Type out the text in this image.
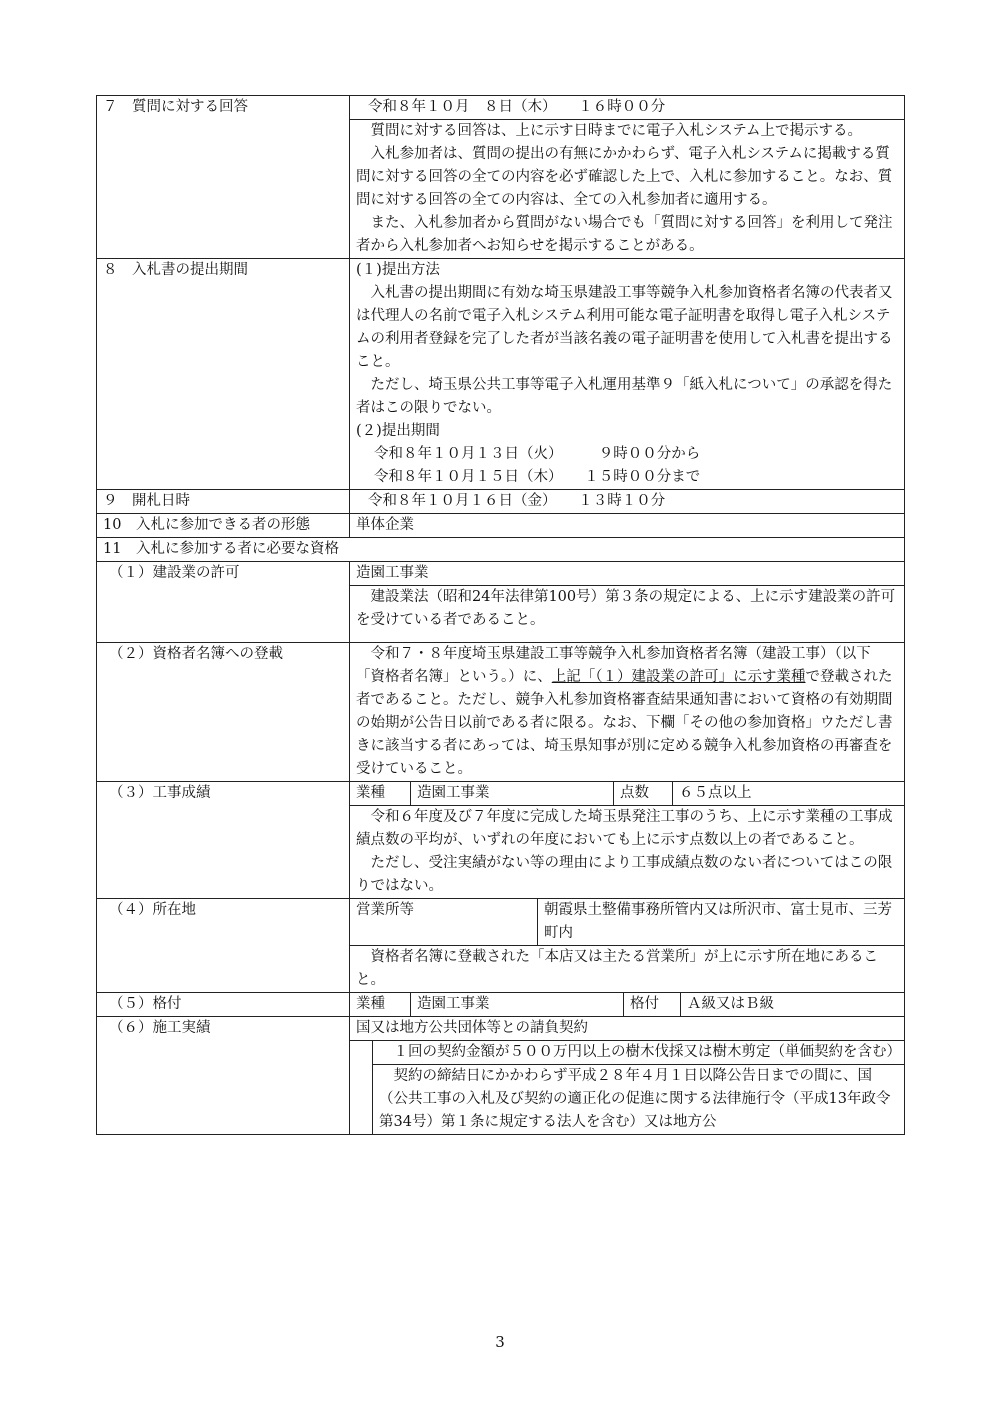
７　質問に対する回答	令和８年１０月　８日（木）　　１６時００分

質問に対する回答は、上に示す日時までに電子入札システム上で掲示する。
入札参加者は、質問の提出の有無にかかわらず、電子入札システムに掲載する質問に対する回答の全ての内容を必ず確認した上で、入札に参加すること。なお、質問に対する回答の全ての内容は、全ての入札参加者に適用する。
また、入札参加者から質問がない場合でも「質問に対する回答」を利用して発注者から入札参加者へお知らせを掲示することがある。

８　入札書の提出期間	(１)提出方法
入札書の提出期間に有効な埼玉県建設工事等競争入札参加資格者名簿の代表者又は代理人の名前で電子入札システム利用可能な電子証明書を取得し電子入札システムの利用者登録を完了した者が当該名義の電子証明書を使用して入札書を提出すること。
ただし、埼玉県公共工事等電子入札運用基準９「紙入札について」の承認を得た者はこの限りでない。
(２)提出期間
令和８年１０月１３日（火）　　　９時００分から
令和８年１０月１５日（木）　　１５時００分まで

９　開札日時	令和８年１０月１６日（金）　　１３時１０分
10　入札に参加できる者の形態	単体企業
11　入札に参加する者に必要な資格
（１）建設業の許可	造園工事業

建設業法（昭和24年法律第100号）第３条の規定による、上に示す建設業の許可を受けている者であること。

（２）資格者名簿への登載	令和７・８年度埼玉県建設工事等競争入札参加資格者名簿（建設工事）（以下「資格者名簿」という。）に、上記「（１）建設業の許可」に示す業種で登載された者であること。ただし、競争入札参加資格審査結果通知書において資格の有効期間の始期が公告日以前である者に限る。なお、下欄「その他の参加資格」ウただし書きに該当する者にあっては、埼玉県知事が別に定める競争入札参加資格の再審査を受けていること。

（３）工事成績		業種	造園工事業	点数	６５点以上

令和６年度及び７年度に完成した埼玉県発注工事のうち、上に示す業種の工事成績点数の平均が、いずれの年度においても上に示す点数以上の者であること。
ただし、受注実績がない等の理由により工事成績点数のない者についてはこの限りではない。

（４）所在地		営業所等	朝霞県土整備事務所管内又は所沢市、富士見市、三芳町内

資格者名簿に登載された「本店又は主たる営業所」が上に示す所在地にあること。

（５）格付		業種	造園工事業	格付	Ａ級又はＢ級

（６）施工実績	国又は地方公共団体等との請負契約
１回の契約金額が５００万円以上の樹木伐採又は樹木剪定（単価契約を含む）
契約の締結日にかかわらず平成２８年４月１日以降公告日までの間に、国（公共工事の入札及び契約の適正化の促進に関する法律施行令（平成13年政令第34号）第１条に規定する法人を含む）又は地方公
3
